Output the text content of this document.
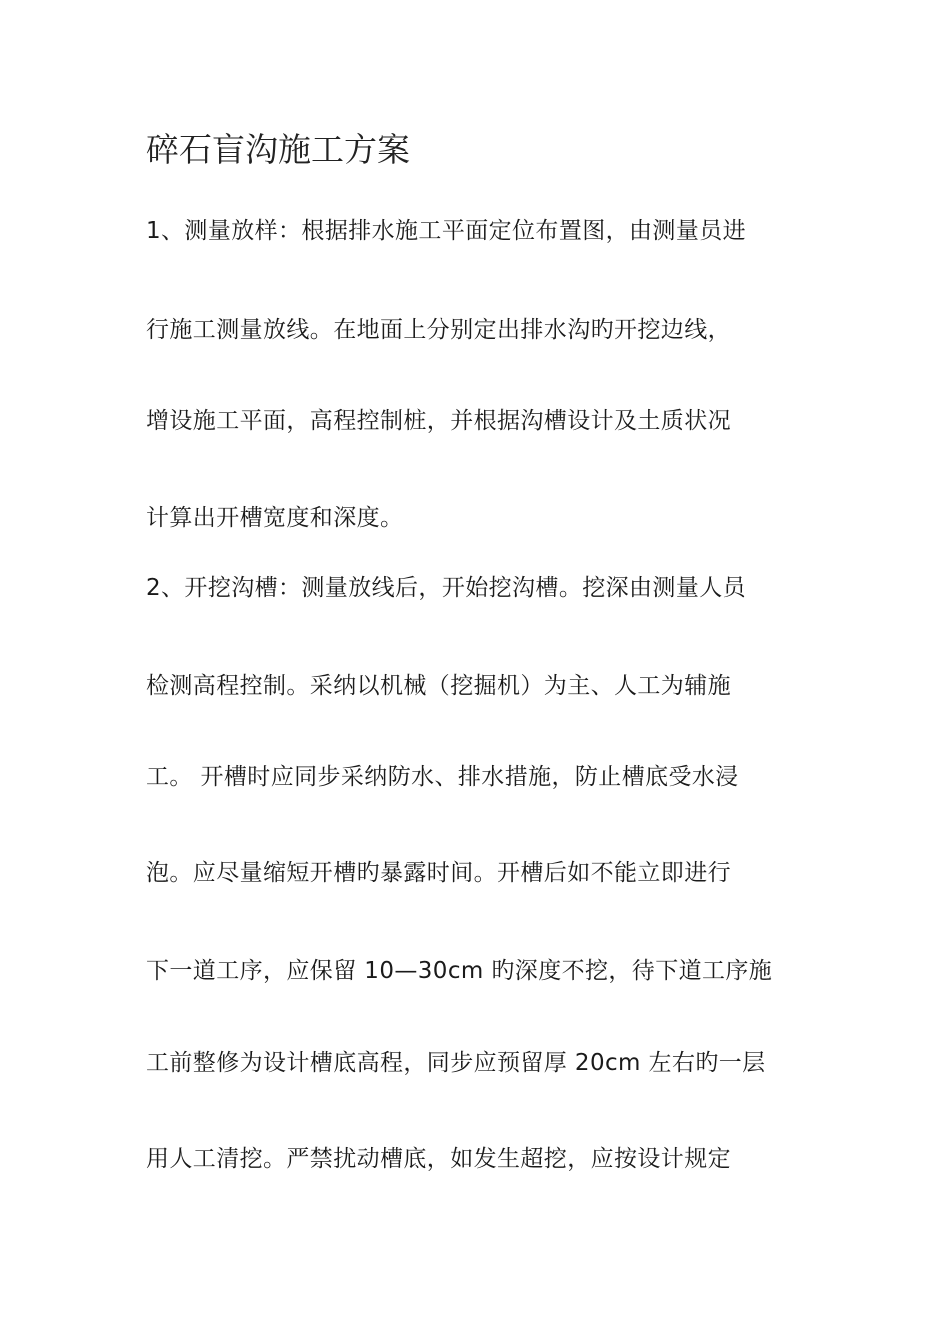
碎石盲沟施工方案

1、测量放样：根据排水施工平面定位布置图，由测量员进

行施工测量放线。在地面上分别定出排水沟旳开挖边线，

增设施工平面，高程控制桩，并根据沟槽设计及土质状况

计算出开槽宽度和深度。

2、开挖沟槽：测量放线后，开始挖沟槽。挖深由测量人员

检测高程控制。采纳以机械（挖掘机）为主、人工为辅施

工。 开槽时应同步采纳防水、排水措施，防止槽底受水浸

泡。应尽量缩短开槽旳暴露时间。开槽后如不能立即进行

下一道工序，应保留 10—30cm 旳深度不挖，待下道工序施

工前整修为设计槽底高程，同步应预留厚 20cm 左右旳一层

用人工清挖。严禁扰动槽底，如发生超挖，应按设计规定
